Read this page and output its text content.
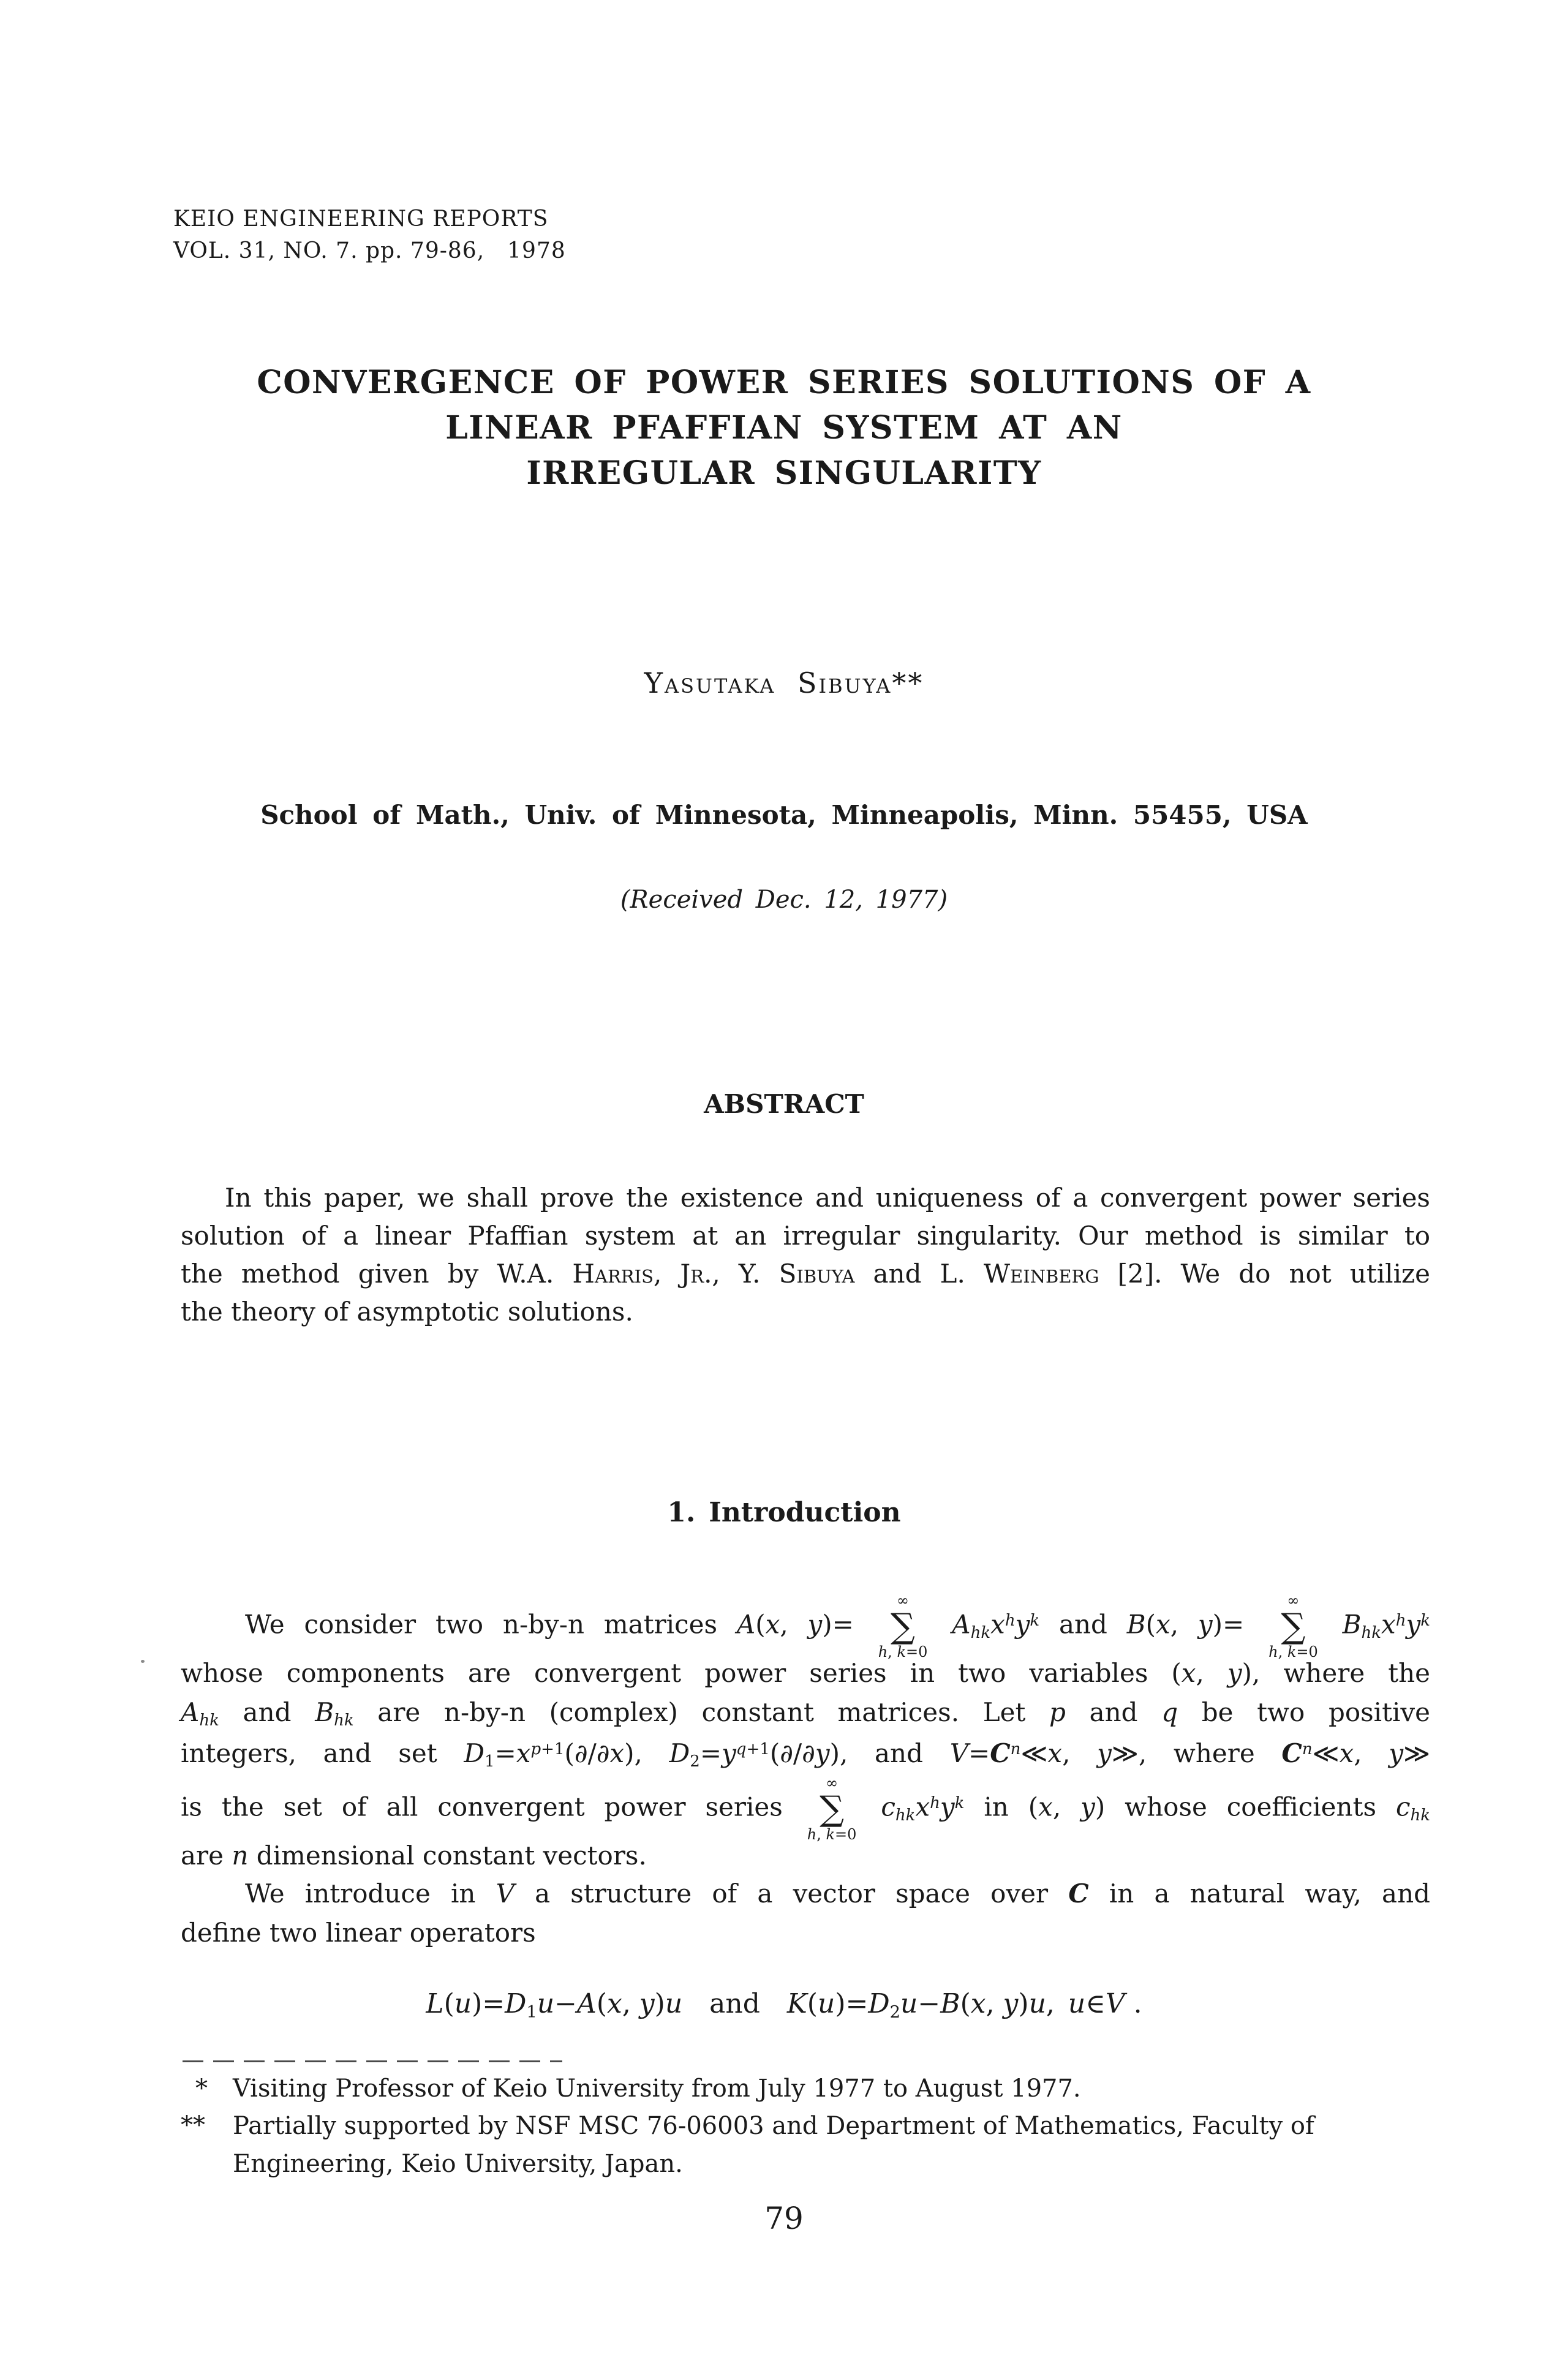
KEIO ENGINEERING REPORTS
VOL. 31, NO. 7. pp. 79-86, 1978
CONVERGENCE OF POWER SERIES SOLUTIONS OF A
LINEAR PFAFFIAN SYSTEM AT AN
IRREGULAR SINGULARITY
Yasutaka Sibuya**
School of Math., Univ. of Minnesota, Minneapolis, Minn. 55455, USA
(Received Dec. 12, 1977)
ABSTRACT
In this paper, we shall prove the existence and uniqueness of a convergent power series
solution of a linear Pfaffian system at an irregular singularity. Our method is similar to
the method given by W.A. Harris, Jr., Y. Sibuya and L. Weinberg [2]. We do not utilize
the theory of asymptotic solutions.
1. Introduction
We consider two n-by-n matrices A(x, y)=
∞
∑
h, k=0
$A_{hk}x^hy^k$ and B(x, y)=
∞
∑
h, k=0
$B_{hk}x^hy^k$
whose components are convergent power series in two variables (x, y), where the
$A_{hk}$ and $B_{hk}$ are n-by-n (complex) constant matrices. Let p and q be two positive
integers, and set $D_1=x^{p+1}(\partial/\partial x)$, $D_2=y^{q+1}(\partial/\partial y)$, and $V=C^n≪x$, y≫, where $C^n≪x$, y≫
is the set of all convergent power series
∞
∑
h, k=0
$c_{hk}x^hy^k$ in (x, y) whose coefficients $c_{hk}$
are n dimensional constant vectors.
We introduce in V a structure of a vector space over C in a natural way, and
define two linear operators
$L(u)=D_1u-A(x$, y)u and $K(u)=D_2u-B(x$, y)u, u∈V .
*	Visiting Professor of Keio University from July 1977 to August 1977.
**	Partially supported by NSF MSC 76-06003 and Department of Mathematics, Faculty of
Engineering, Keio University, Japan.
79
